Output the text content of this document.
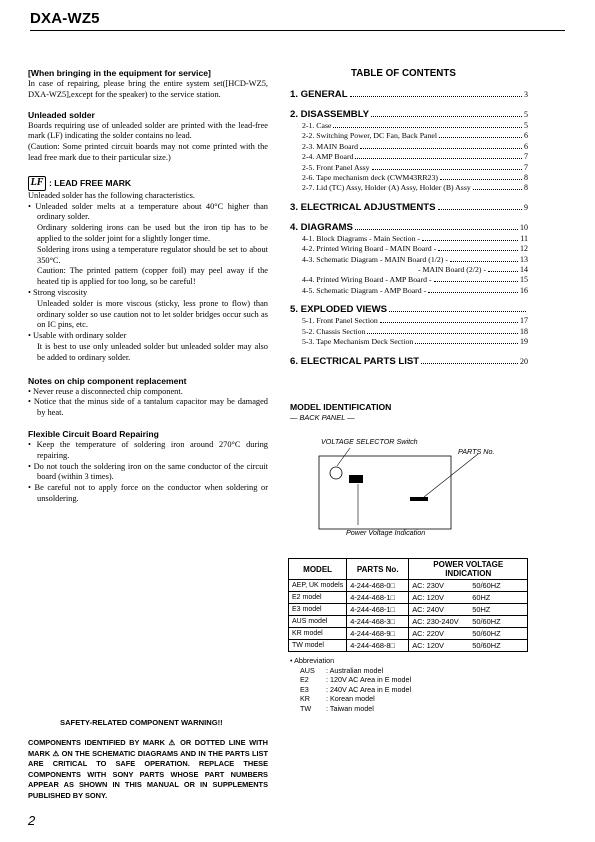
DXA-WZ5
[When bringing in the equipment for service]

In case of repairing, please bring the entire system set([HCD-WZ5, DXA-WZ5],except for the speaker) to the service station.

Unleaded solder

Boards requiring use of unleaded solder are printed with the lead-free mark (LF) indicating the solder contains no lead.

(Caution: Some printed circuit boards may not come printed with the lead free mark due to their particular size.)

LF : LEAD FREE MARK

Unleaded solder has the following characteristics.

• Unleaded solder melts at a temperature about 40°C higher than ordinary solder.

Ordinary soldering irons can be used but the iron tip has to be applied to the solder joint for a slightly longer time.

Soldering irons using a temperature regulator should be set to about 350°C.

Caution: The printed pattern (copper foil) may peel away if the heated tip is applied for too long, so be careful!

• Strong viscosity

Unleaded solder is more viscous (sticky, less prone to flow) than ordinary solder so use caution not to let solder bridges occur such as on IC pins, etc.

• Usable with ordinary solder

It is best to use only unleaded solder but unleaded solder may also be added to ordinary solder.

Notes on chip component replacement

• Never reuse a disconnected chip component.

• Notice that the minus side of a tantalum capacitor may be damaged by heat.

Flexible Circuit Board Repairing

• Keep the temperature of soldering iron around 270°C during repairing.

• Do not touch the soldering iron on the same conductor of the circuit board (within 3 times).

• Be careful not to apply force on the conductor when soldering or unsoldering.

SAFETY-RELATED COMPONENT WARNING!!
COMPONENTS IDENTIFIED BY MARK ⚠ OR DOTTED LINE WITH MARK ⚠ ON THE SCHEMATIC DIAGRAMS AND IN THE PARTS LIST ARE CRITICAL TO SAFE OPERATION. REPLACE THESE COMPONENTS WITH SONY PARTS WHOSE PART NUMBERS APPEAR AS SHOWN IN THIS MANUAL OR IN SUPPLEMENTS PUBLISHED BY SONY.
2
TABLE OF CONTENTS
1. GENERAL	3
2. DISASSEMBLY	5
2-1. Case	5
2-2. Switching Power, DC Fan, Back Panel	6
2-3. MAIN Board	6
2-4. AMP Board	7
2-5. Front Panel Assy	7
2-6. Tape mechanism deck (CWM43RR23)	8
2-7. Lid (TC) Assy, Holder (A) Assy, Holder (B) Assy	8
3. ELECTRICAL ADJUSTMENTS	9
4. DIAGRAMS	10
4-1. Block Diagrams - Main Section -	11
4-2. Printed Wiring Board - MAIN Board -	12
4-3. Schematic Diagram - MAIN Board (1/2) -	13
- MAIN Board (2/2) -	14
4-4. Printed Wiring Board - AMP Board -	15
4-5. Schematic Diagram - AMP Board -	16
5. EXPLODED VIEWS
5-1. Front Panel Section	17
5-2. Chassis Section	18
5-3. Tape Mechanism Deck Section	19
6. ELECTRICAL PARTS LIST	20
MODEL IDENTIFICATION
— BACK PANEL —
VOLTAGE SELECTOR Switch
PARTS No.
Power Voltage Indication
MODEL	PARTS No.	POWER VOLTAGE INDICATION
AEP, UK models	4-244-468-0□	AC: 230V 50/60HZ

E2 model	4-244-468-1□	AC: 120V 60HZ

E3 model	4-244-468-1□	AC: 240V 50HZ

AUS model	4-244-468-3□	AC: 230-240V 50/60HZ

KR model	4-244-468-9□	AC: 220V 50/60HZ

TW model	4-244-468-8□	AC: 120V 50/60HZ
• Abbreviation
AUS	: Australian model
E2	: 120V AC Area in E model
E3	: 240V AC Area in E model
KR	: Korean model
TW	: Taiwan model
